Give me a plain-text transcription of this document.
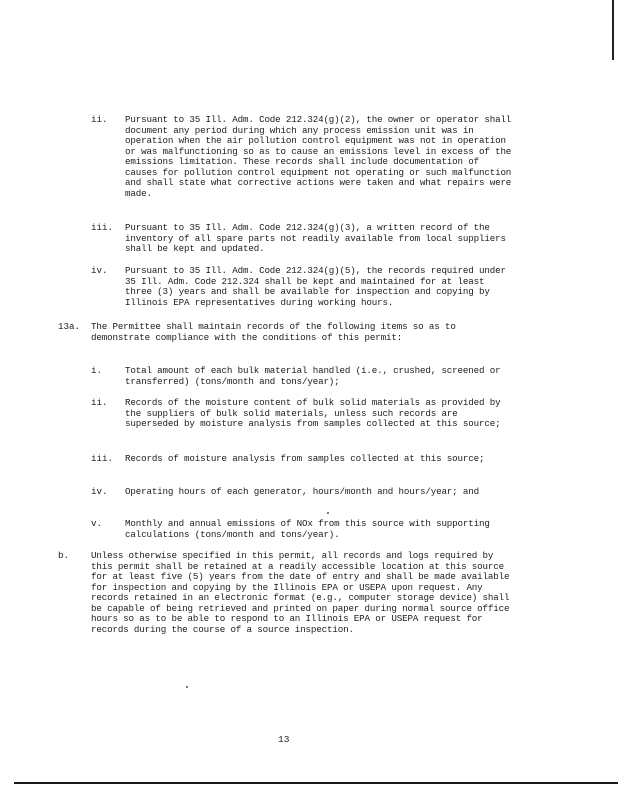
ii. Pursuant to 35 Ill. Adm. Code 212.324(g)(2), the owner or operator shall document any period during which any process emission unit was in operation when the air pollution control equipment was not in operation or was malfunctioning so as to cause an emissions level in excess of the emissions limitation. These records shall include documentation of causes for pollution control equipment not operating or such malfunction and shall state what corrective actions were taken and what repairs were made.
iii. Pursuant to 35 Ill. Adm. Code 212.324(g)(3), a written record of the inventory of all spare parts not readily available from local suppliers shall be kept and updated.
iv. Pursuant to 35 Ill. Adm. Code 212.324(g)(5), the records required under 35 Ill. Adm. Code 212.324 shall be kept and maintained for at least three (3) years and shall be available for inspection and copying by Illinois EPA representatives during working hours.
13a. The Permittee shall maintain records of the following items so as to demonstrate compliance with the conditions of this permit:
i. Total amount of each bulk material handled (i.e., crushed, screened or transferred) (tons/month and tons/year);
ii. Records of the moisture content of bulk solid materials as provided by the suppliers of bulk solid materials, unless such records are superseded by moisture analysis from samples collected at this source;
iii. Records of moisture analysis from samples collected at this source;
iv. Operating hours of each generator, hours/month and hours/year; and
v. Monthly and annual emissions of NOx from this source with supporting calculations (tons/month and tons/year).
b. Unless otherwise specified in this permit, all records and logs required by this permit shall be retained at a readily accessible location at this source for at least five (5) years from the date of entry and shall be made available for inspection and copying by the Illinois EPA or USEPA upon request. Any records retained in an electronic format (e.g., computer storage device) shall be capable of being retrieved and printed on paper during normal source office hours so as to be able to respond to an Illinois EPA or USEPA request for records during the course of a source inspection.
13
